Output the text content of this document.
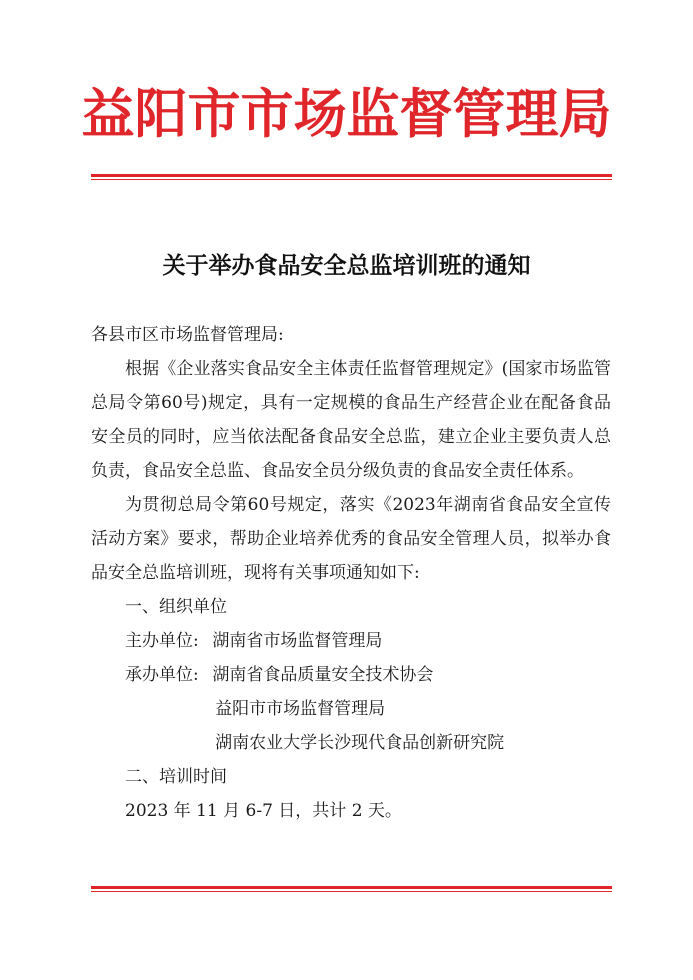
益阳市市场监督管理局
关于举办食品安全总监培训班的通知

各县市区市场监督管理局:

根据《企业落实食品安全主体责任监督管理规定》(国家市场监管总局令第60号)规定，具有一定规模的食品生产经营企业在配备食品安全员的同时，应当依法配备食品安全总监，建立企业主要负责人总负责，食品安全总监、食品安全员分级负责的食品安全责任体系。

为贯彻总局令第60号规定，落实《2023年湖南省食品安全宣传活动方案》要求，帮助企业培养优秀的食品安全管理人员，拟举办食品安全总监培训班，现将有关事项通知如下:

一、组织单位

主办单位: 湖南省市场监督管理局
承办单位: 湖南省食品质量安全技术协会
益阳市市场监督管理局
湖南农业大学长沙现代食品创新研究院

二、培训时间

2023 年 11 月 6-7 日，共计 2 天。
